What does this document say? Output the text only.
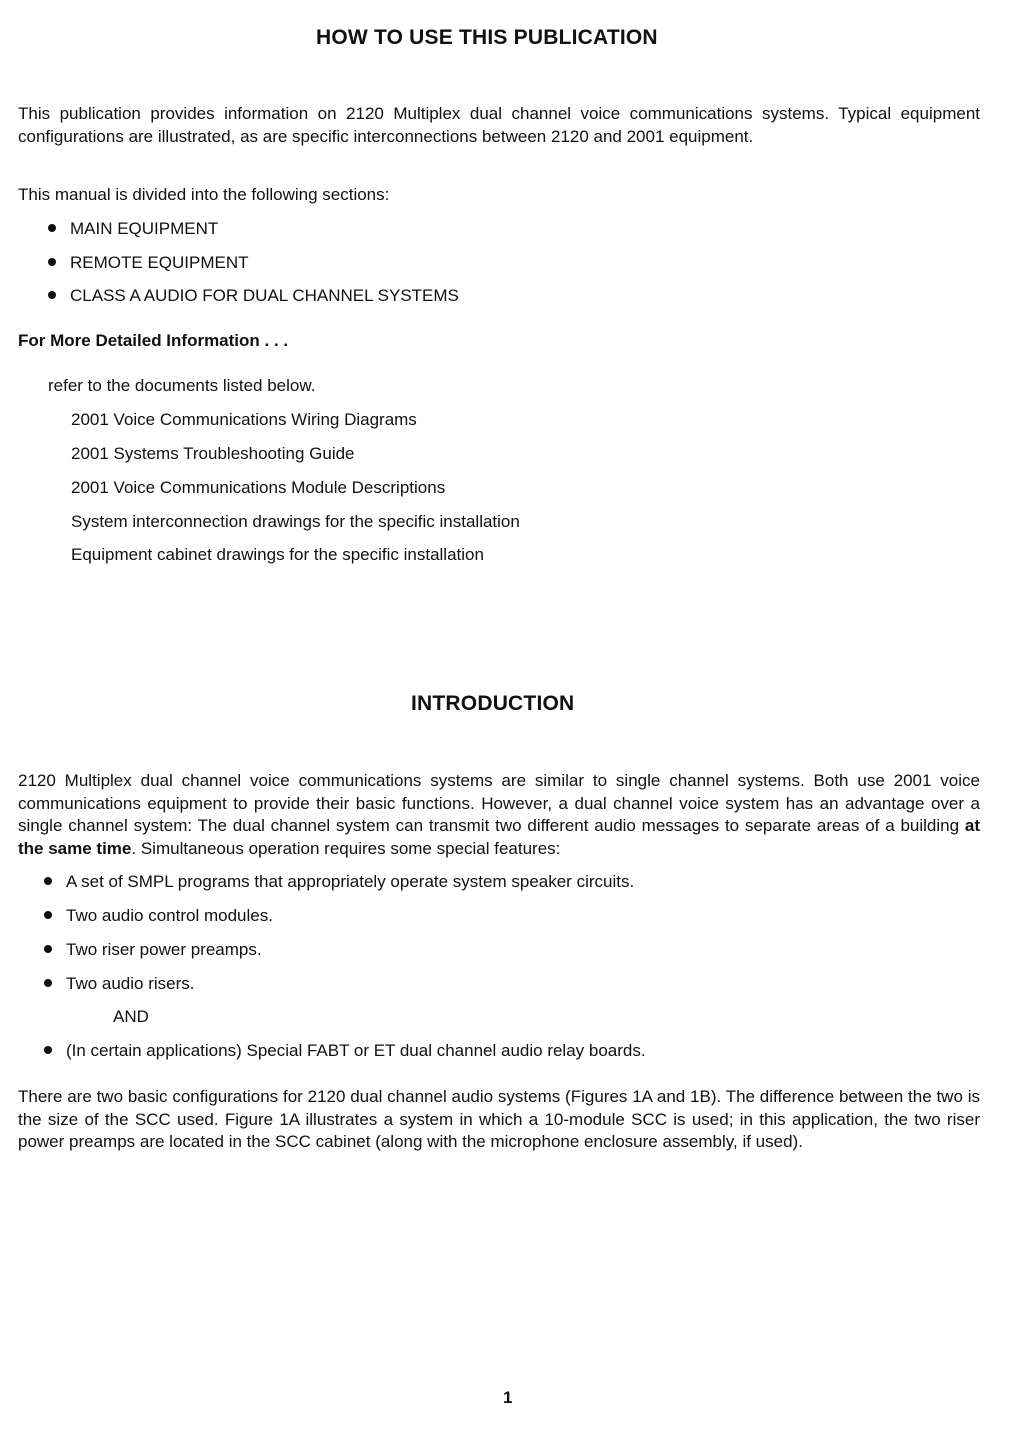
HOW TO USE THIS PUBLICATION
This publication provides information on 2120 Multiplex dual channel voice communications systems. Typical equipment configurations are illustrated, as are specific interconnections between 2120 and 2001 equipment.
This manual is divided into the following sections:
MAIN EQUIPMENT
REMOTE EQUIPMENT
CLASS A AUDIO FOR DUAL CHANNEL SYSTEMS
For More Detailed Information . . .
refer to the documents listed below.
2001 Voice Communications Wiring Diagrams
2001 Systems Troubleshooting Guide
2001 Voice Communications Module Descriptions
System interconnection drawings for the specific installation
Equipment cabinet drawings for the specific installation
INTRODUCTION
2120 Multiplex dual channel voice communications systems are similar to single channel systems. Both use 2001 voice communications equipment to provide their basic functions. However, a dual channel voice system has an advantage over a single channel system: The dual channel system can transmit two different audio messages to separate areas of a building at the same time. Simultaneous operation requires some special features:
A set of SMPL programs that appropriately operate system speaker circuits.
Two audio control modules.
Two riser power preamps.
Two audio risers.
AND
(In certain applications) Special FABT or ET dual channel audio relay boards.
There are two basic configurations for 2120 dual channel audio systems (Figures 1A and 1B). The difference between the two is the size of the SCC used. Figure 1A illustrates a system in which a 10-module SCC is used; in this application, the two riser power preamps are located in the SCC cabinet (along with the microphone enclosure assembly, if used).
1
